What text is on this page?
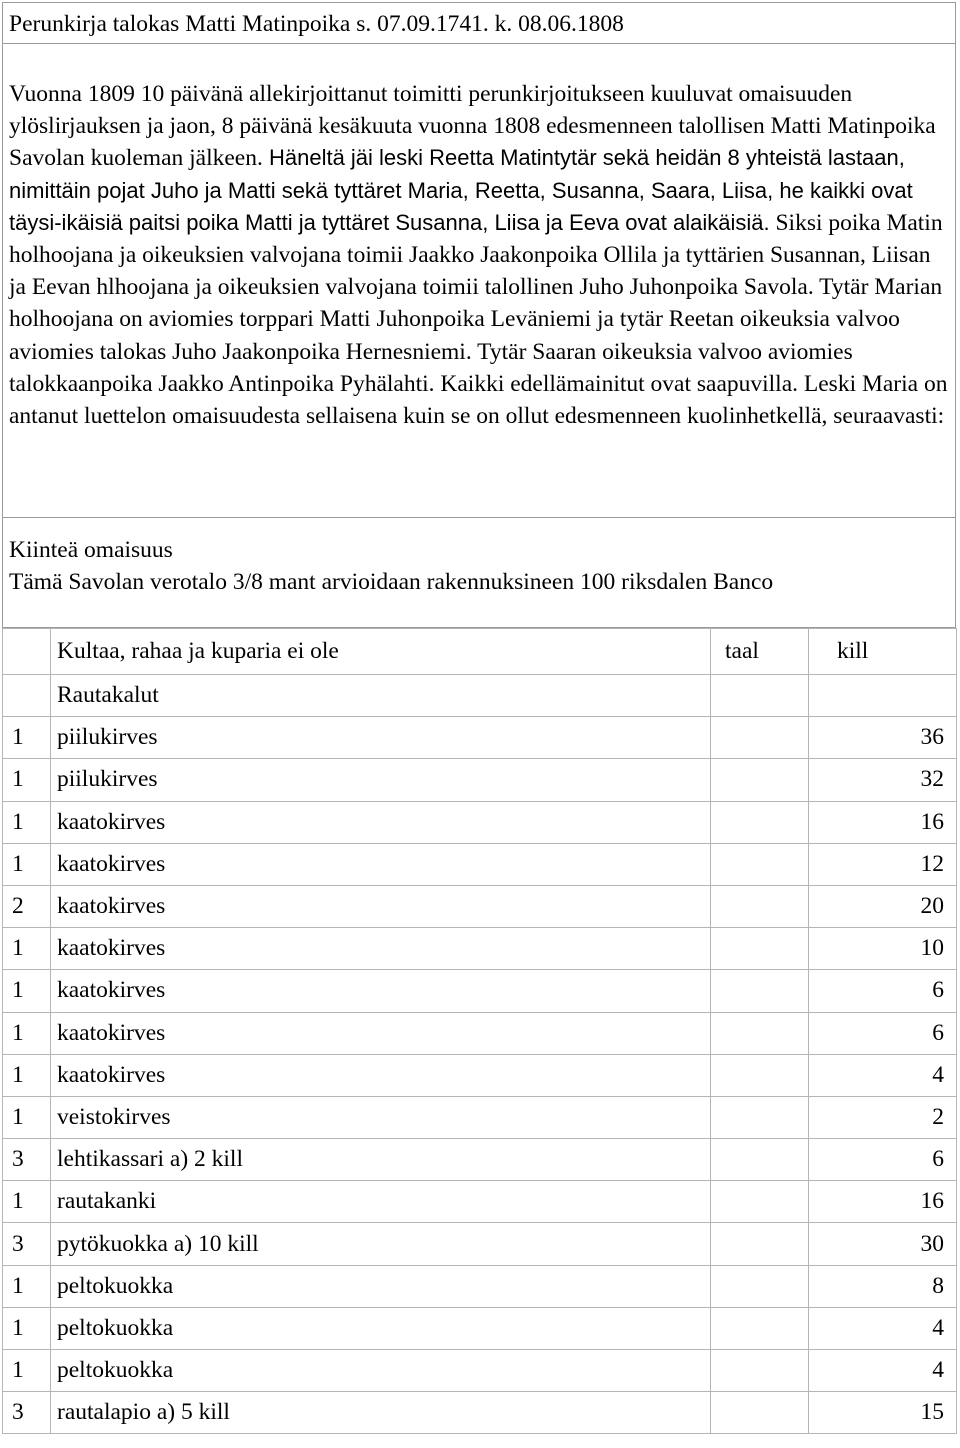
Perunkirja talokas Matti Matinpoika s. 07.09.1741. k. 08.06.1808

Vuonna 1809 10 päivänä allekirjoittanut toimitti perunkirjoitukseen kuuluvat omaisuuden ylöslirjauksen ja jaon, 8 päivänä kesäkuuta vuonna 1808 edesmenneen talollisen Matti Matinpoika Savolan kuoleman jälkeen. Häneltä jäi leski Reetta Matintytär sekä heidän 8 yhteistä lastaan, nimittäin pojat Juho ja Matti sekä tyttäret Maria, Reetta, Susanna, Saara, Liisa, he kaikki ovat täysi-ikäisiä paitsi poika Matti ja tyttäret Susanna, Liisa ja Eeva ovat alaikäisiä. Siksi poika Matin holhoojana ja oikeuksien valvojana toimii Jaakko Jaakonpoika Ollila ja tyttärien Susannan, Liisan ja Eevan hlhoojana ja oikeuksien valvojana toimii talollinen Juho Juhonpoika Savola. Tytär Marian holhoojana on aviomies torppari Matti Juhonpoika Leväniemi ja tytär Reetan oikeuksia valvoo aviomies talokas Juho Jaakonpoika Hernesniemi. Tytär Saaran oikeuksia valvoo aviomies talokkaanpoika Jaakko Antinpoika Pyhälahti. Kaikki edellämainitut ovat saapuvilla. Leski Maria on antanut luettelon omaisuudesta sellaisena kuin se on ollut edesmenneen kuolinhetkellä, seuraavasti:

Kiinteä omaisuus
Tämä Savolan verotalo 3/8 mant arvioidaan rakennuksineen 100 riksdalen Banco
	Kultaa, rahaa ja kuparia ei ole	taal	kill
	Rautakalut		
1	piilukirves		36
1	piilukirves		32
1	kaatokirves		16
1	kaatokirves		12
2	kaatokirves		20
1	kaatokirves		10
1	kaatokirves		6
1	kaatokirves		6
1	kaatokirves		4
1	veistokirves		2
3	lehtikassari a) 2 kill		6
1	rautakanki		16
3	pytökuokka a) 10 kill		30
1	peltokuokka		8
1	peltokuokka		4
1	peltokuokka		4
3	rautalapio a) 5 kill		15
